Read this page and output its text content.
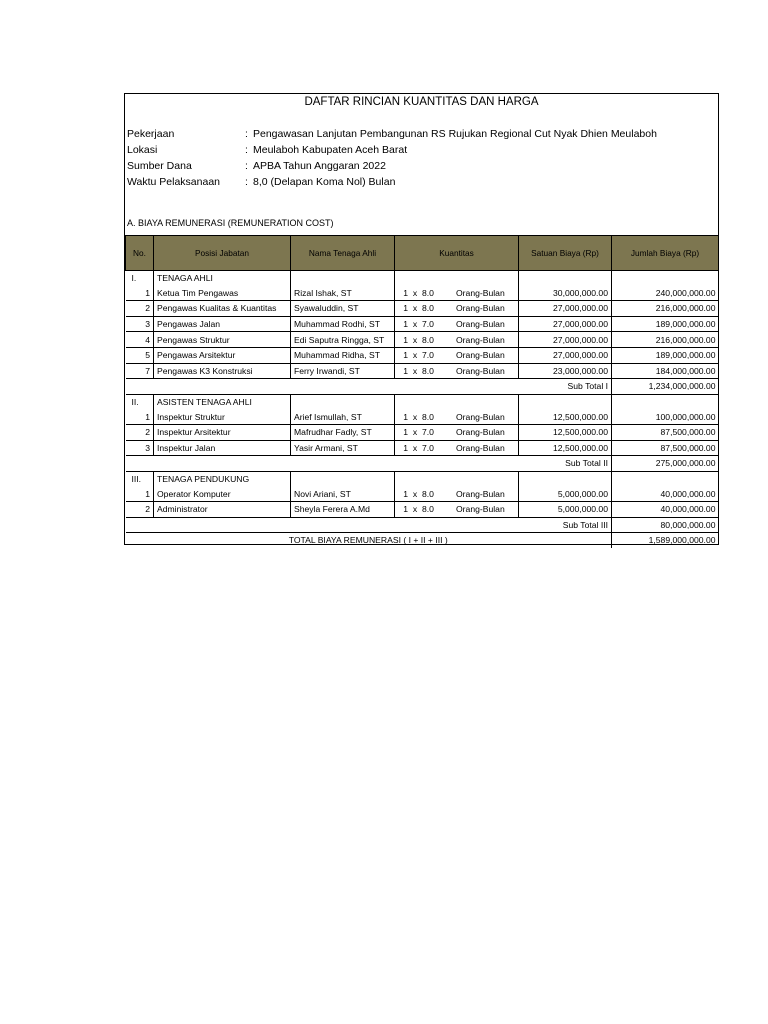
DAFTAR RINCIAN KUANTITAS DAN HARGA
Pekerjaan	: Pengawasan Lanjutan Pembangunan RS Rujukan Regional Cut Nyak Dhien Meulaboh
Lokasi	: Meulaboh Kabupaten Aceh Barat
Sumber Dana	: APBA Tahun Anggaran 2022
Waktu Pelaksanaan : 8,0 (Delapan Koma Nol) Bulan
A. BIAYA REMUNERASI (REMUNERATION COST)
No.	Posisi Jabatan	Nama Tenaga Ahli	Kuantitas	Satuan Biaya (Rp)	Jumlah Biaya (Rp)
I.	TENAGA AHLI				
1	Ketua Tim Pengawas	Rizal Ishak, ST	1 x 8.0 Orang-Bulan	30,000,000.00	240,000,000.00
2	Pengawas Kualitas & Kuantitas	Syawaluddin, ST	1 x 8.0 Orang-Bulan	27,000,000.00	216,000,000.00
3	Pengawas Jalan	Muhammad Rodhi, ST	1 x 7.0 Orang-Bulan	27,000,000.00	189,000,000.00
4	Pengawas Struktur	Edi Saputra Ringga, ST	1 x 8.0 Orang-Bulan	27,000,000.00	216,000,000.00
5	Pengawas Arsitektur	Muhammad Ridha, ST	1 x 7.0 Orang-Bulan	27,000,000.00	189,000,000.00
7	Pengawas K3 Konstruksi	Ferry Irwandi, ST	1 x 8.0 Orang-Bulan	23,000,000.00	184,000,000.00
Sub Total I					1,234,000,000.00
II.	ASISTEN TENAGA AHLI				
1	Inspektur Struktur	Arief Ismullah, ST	1 x 8.0 Orang-Bulan	12,500,000.00	100,000,000.00
2	Inspektur Arsitektur	Mafrudhar Fadly, ST	1 x 7.0 Orang-Bulan	12,500,000.00	87,500,000.00
3	Inspektur Jalan	Yasir Armani, ST	1 x 7.0 Orang-Bulan	12,500,000.00	87,500,000.00
Sub Total II					275,000,000.00
III.	TENAGA PENDUKUNG				
1	Operator Komputer	Novi Ariani, ST	1 x 8.0 Orang-Bulan	5,000,000.00	40,000,000.00
2	Administrator	Sheyla Ferera A.Md	1 x 8.0 Orang-Bulan	5,000,000.00	40,000,000.00
Sub Total III					80,000,000.00
TOTAL BIAYA REMUNERASI ( I + II + III )					1,589,000,000.00
